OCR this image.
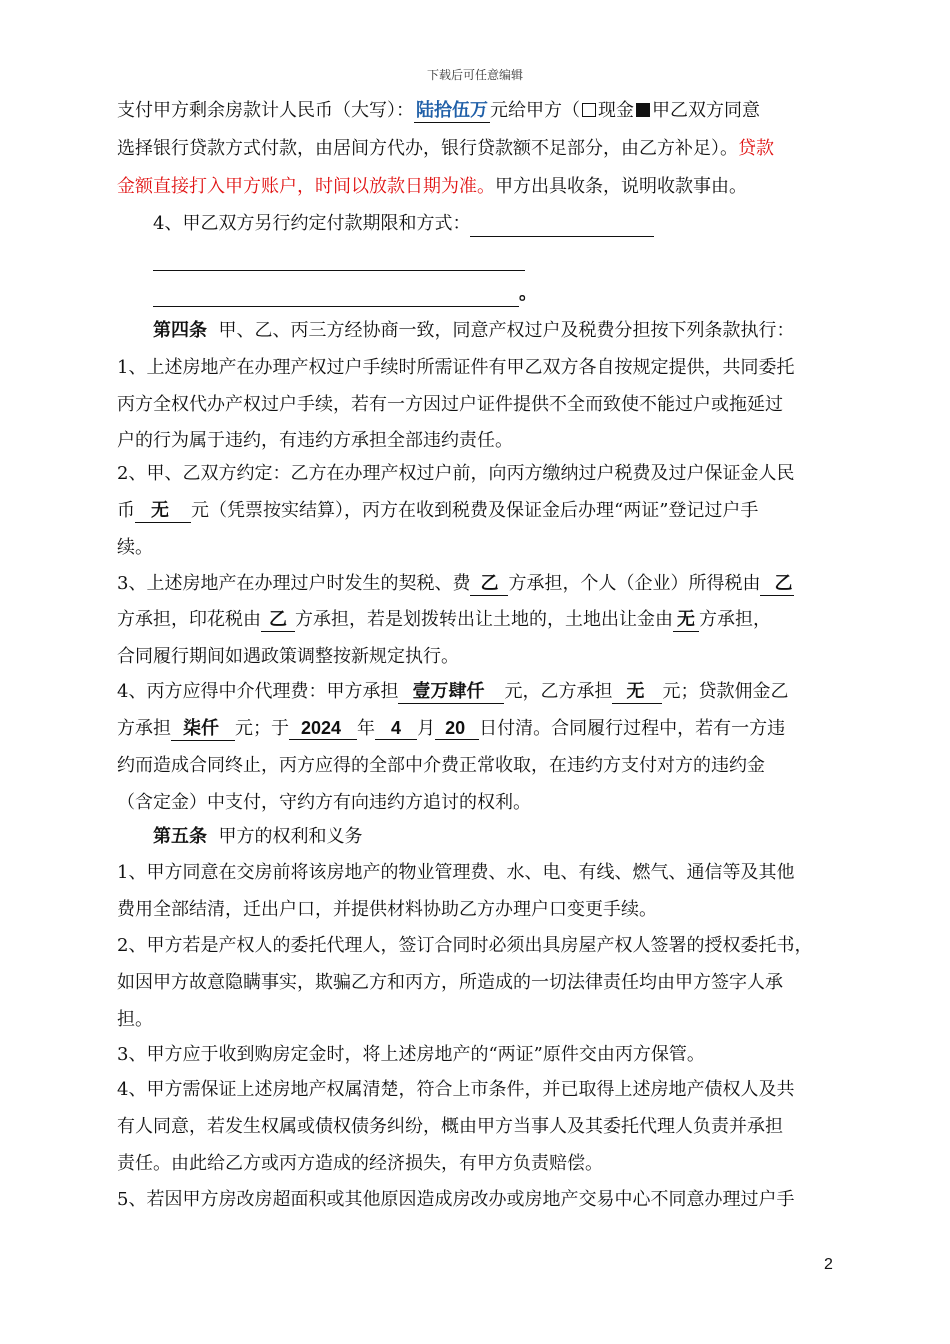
下载后可任意编辑
支付甲方剩余房款计人民币（大写）： 陆拾伍万 元给甲方（ 现金 甲乙双方同意
选择银行贷款方式付款，由居间方代办，银行贷款额不足部分，由乙方补足）。贷款
金额直接打入甲方账户，时间以放款日期为准。甲方出具收条，说明收款事由。
4、甲乙双方另行约定付款期限和方式：
。
第四条 甲、乙、丙三方经协商一致，同意产权过户及税费分担按下列条款执行：
1、上述房地产在办理产权过户手续时所需证件有甲乙双方各自按规定提供，共同委托
丙方全权代办产权过户手续，若有一方因过户证件提供不全而致使不能过户或拖延过
户的行为属于违约，有违约方承担全部违约责任。
2、甲、乙双方约定：乙方在办理产权过户前，向丙方缴纳过户税费及过户保证金人民
币 无 元（凭票按实结算），丙方在收到税费及保证金后办理“两证”登记过户手
续。
3、上述房地产在办理过户时发生的契税、费 乙 方承担，个人（企业）所得税由 乙
方承担，印花税由 乙 方承担，若是划拨转出让土地的，土地出让金由 无 方承担，
合同履行期间如遇政策调整按新规定执行。
4、丙方应得中介代理费：甲方承担 壹万肆仟 元，乙方承担 无 元；贷款佣金乙
方承担 柒仟 元；于 2024 年 4 月 20 日付清。合同履行过程中，若有一方违
约而造成合同终止，丙方应得的全部中介费正常收取，在违约方支付对方的违约金
（含定金）中支付，守约方有向违约方追讨的权利。
第五条 甲方的权利和义务
1、甲方同意在交房前将该房地产的物业管理费、水、电、有线、燃气、通信等及其他
费用全部结清，迁出户口，并提供材料协助乙方办理户口变更手续。
2、甲方若是产权人的委托代理人，签订合同时必须出具房屋产权人签署的授权委托书，
如因甲方故意隐瞒事实，欺骗乙方和丙方，所造成的一切法律责任均由甲方签字人承
担。
3、甲方应于收到购房定金时，将上述房地产的“两证”原件交由丙方保管。
4、甲方需保证上述房地产权属清楚，符合上市条件，并已取得上述房地产债权人及共
有人同意，若发生权属或债权债务纠纷，概由甲方当事人及其委托代理人负责并承担
责任。由此给乙方或丙方造成的经济损失，有甲方负责赔偿。
5、若因甲方房改房超面积或其他原因造成房改办或房地产交易中心不同意办理过户手
2
